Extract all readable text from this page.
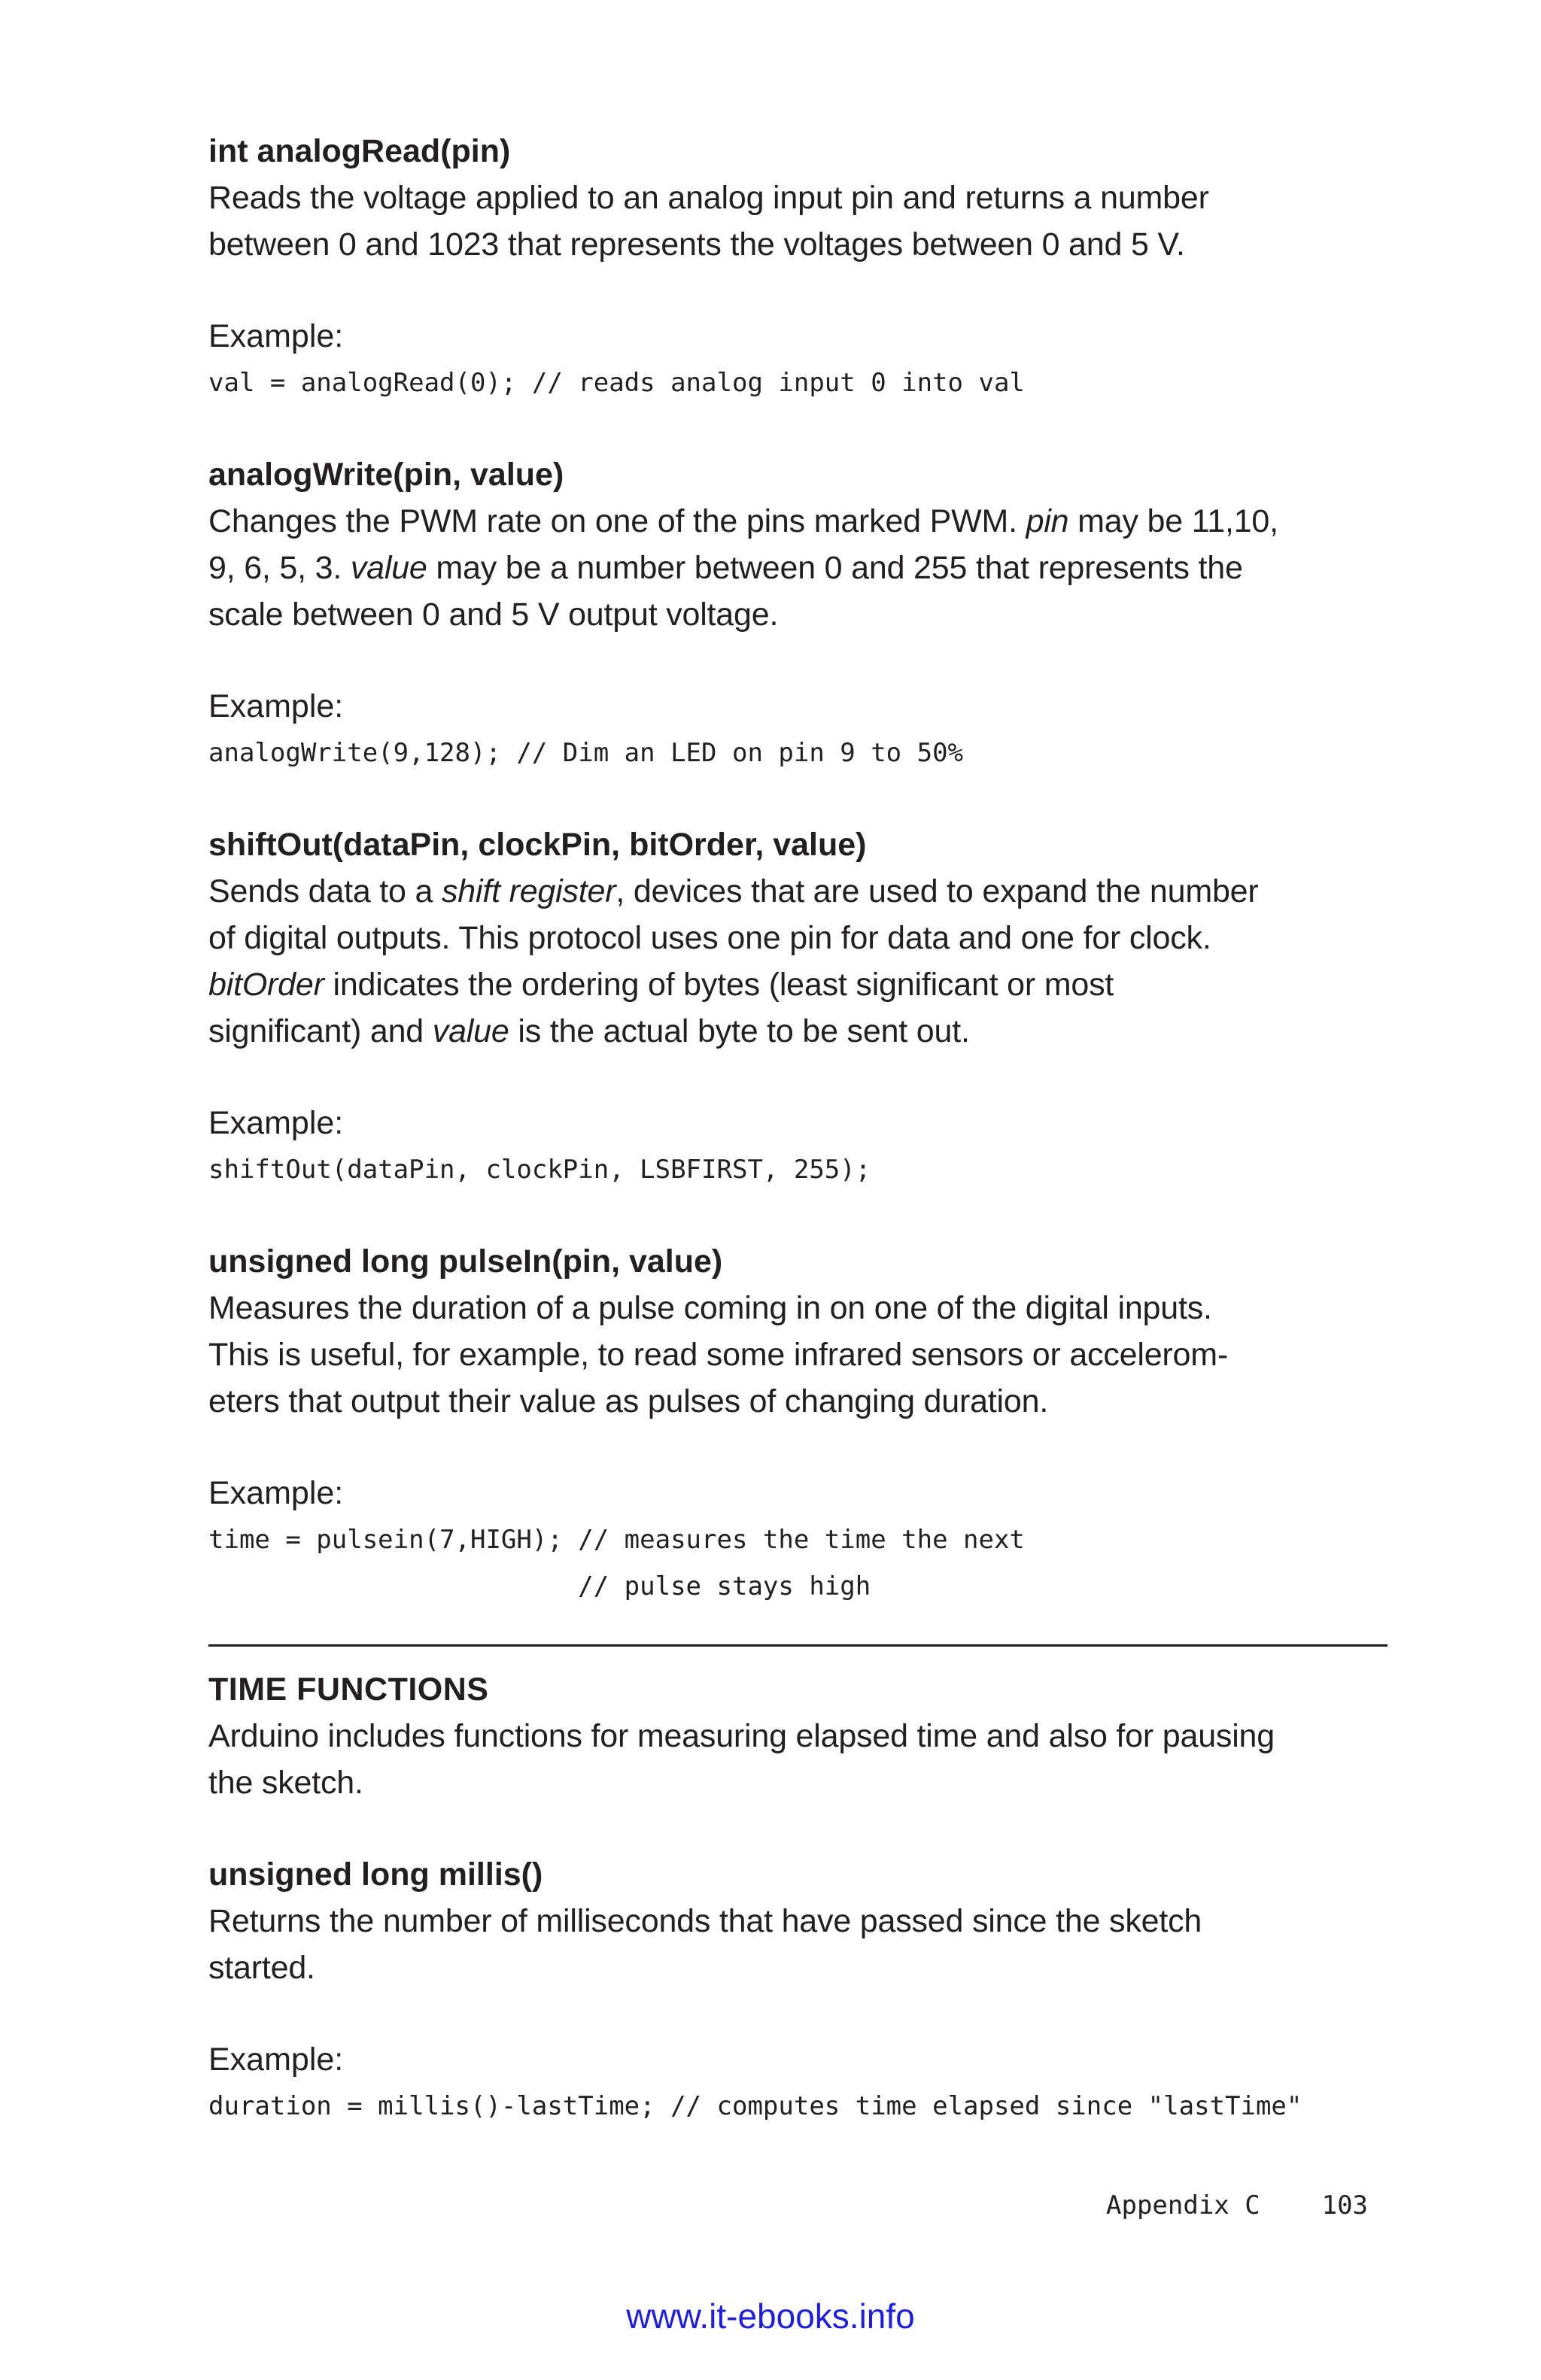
int analogRead(pin)

Reads the voltage applied to an analog input pin and returns a number

between 0 and 1023 that represents the voltages between 0 and 5 V.

Example:

val = analogRead(0); // reads analog input 0 into val

analogWrite(pin, value)

Changes the PWM rate on one of the pins marked PWM. pin may be 11,10,

9, 6, 5, 3. value may be a number between 0 and 255 that represents the

scale between 0 and 5 V output voltage.

Example:

analogWrite(9,128); // Dim an LED on pin 9 to 50%

shiftOut(dataPin, clockPin, bitOrder, value)

Sends data to a shift register, devices that are used to expand the number

of digital outputs. This protocol uses one pin for data and one for clock.

bitOrder indicates the ordering of bytes (least significant or most

significant) and value is the actual byte to be sent out.

Example:

shiftOut(dataPin, clockPin, LSBFIRST, 255);

unsigned long pulseIn(pin, value)

Measures the duration of a pulse coming in on one of the digital inputs.

This is useful, for example, to read some infrared sensors or accelerom-

eters that output their value as pulses of changing duration.

Example:

time = pulsein(7,HIGH); // measures the time the next

// pulse stays high

TIME FUNCTIONS

Arduino includes functions for measuring elapsed time and also for pausing

the sketch.

unsigned long millis()

Returns the number of milliseconds that have passed since the sketch

started.

Example:

duration = millis()-lastTime; // computes time elapsed since "lastTime"

Appendix C 103
www.it-ebooks.info
